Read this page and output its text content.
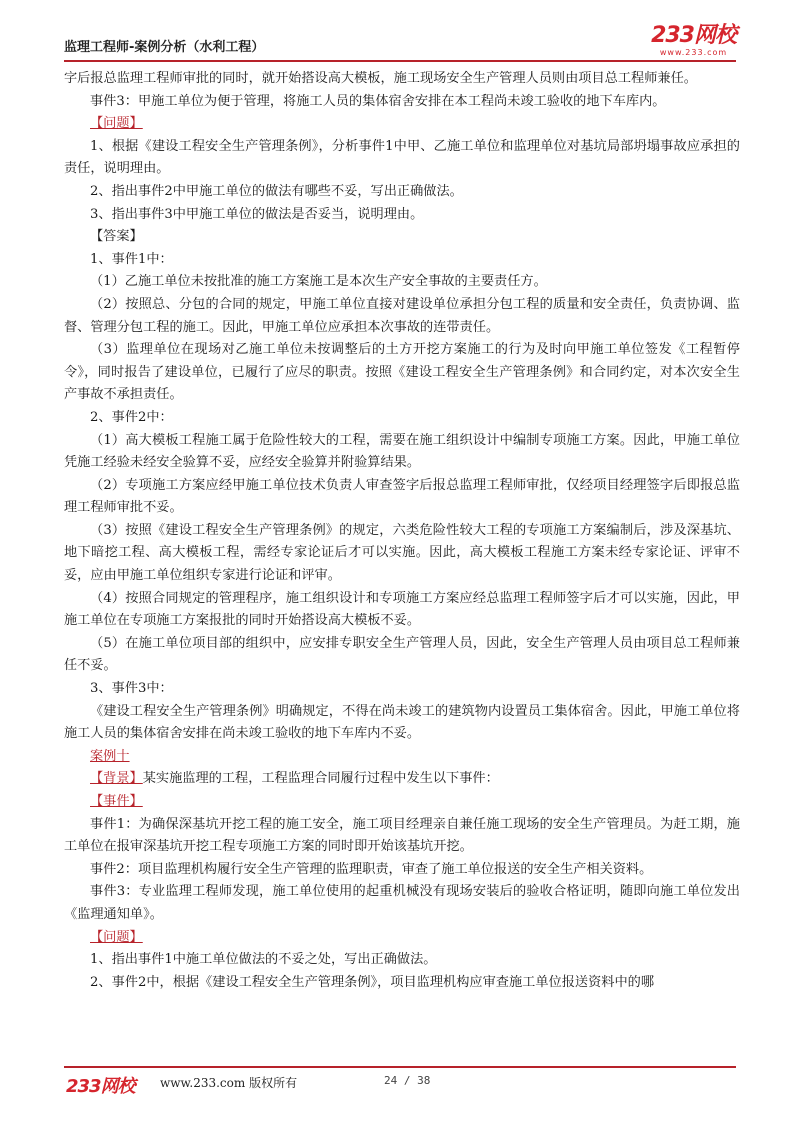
监理工程师-案例分析（水利工程）	233网校
www.233.com

字后报总监理工程师审批的同时，就开始搭设高大模板，施工现场安全生产管理人员则由项目总工程师兼任。

事件3：甲施工单位为便于管理，将施工人员的集体宿舍安排在本工程尚未竣工验收的地下车库内。

【问题】

1、根据《建设工程安全生产管理条例》，分析事件1中甲、乙施工单位和监理单位对基坑局部坍塌事故应承担的责任，说明理由。

2、指出事件2中甲施工单位的做法有哪些不妥，写出正确做法。

3、指出事件3中甲施工单位的做法是否妥当，说明理由。

【答案】

1、事件1中：

（1）乙施工单位未按批准的施工方案施工是本次生产安全事故的主要责任方。

（2）按照总、分包的合同的规定，甲施工单位直接对建设单位承担分包工程的质量和安全责任，负责协调、监督、管理分包工程的施工。因此，甲施工单位应承担本次事故的连带责任。

（3）监理单位在现场对乙施工单位未按调整后的土方开挖方案施工的行为及时向甲施工单位签发《工程暂停令》，同时报告了建设单位，已履行了应尽的职责。按照《建设工程安全生产管理条例》和合同约定，对本次安全生产事故不承担责任。

2、事件2中：

（1）高大模板工程施工属于危险性较大的工程，需要在施工组织设计中编制专项施工方案。因此，甲施工单位凭施工经验未经安全验算不妥，应经安全验算并附验算结果。

（2）专项施工方案应经甲施工单位技术负责人审查签字后报总监理工程师审批，仅经项目经理签字后即报总监理工程师审批不妥。

（3）按照《建设工程安全生产管理条例》的规定，六类危险性较大工程的专项施工方案编制后，涉及深基坑、地下暗挖工程、高大模板工程，需经专家论证后才可以实施。因此，高大模板工程施工方案未经专家论证、评审不妥，应由甲施工单位组织专家进行论证和评审。

（4）按照合同规定的管理程序，施工组织设计和专项施工方案应经总监理工程师签字后才可以实施，因此，甲施工单位在专项施工方案报批的同时开始搭设高大模板不妥。

（5）在施工单位项目部的组织中，应安排专职安全生产管理人员，因此，安全生产管理人员由项目总工程师兼任不妥。

3、事件3中：

《建设工程安全生产管理条例》明确规定，不得在尚未竣工的建筑物内设置员工集体宿舍。因此，甲施工单位将施工人员的集体宿舍安排在尚未竣工验收的地下车库内不妥。

案例十

【背景】某实施监理的工程，工程监理合同履行过程中发生以下事件：

【事件】

事件1：为确保深基坑开挖工程的施工安全，施工项目经理亲自兼任施工现场的安全生产管理员。为赶工期，施工单位在报审深基坑开挖工程专项施工方案的同时即开始该基坑开挖。

事件2：项目监理机构履行安全生产管理的监理职责，审查了施工单位报送的安全生产相关资料。

事件3：专业监理工程师发现，施工单位使用的起重机械没有现场安装后的验收合格证明，随即向施工单位发出《监理通知单》。

【问题】

1、指出事件1中施工单位做法的不妥之处，写出正确做法。

2、事件2中，根据《建设工程安全生产管理条例》，项目监理机构应审查施工单位报送资料中的哪

233网校 www.233.com 版权所有	24 / 38
